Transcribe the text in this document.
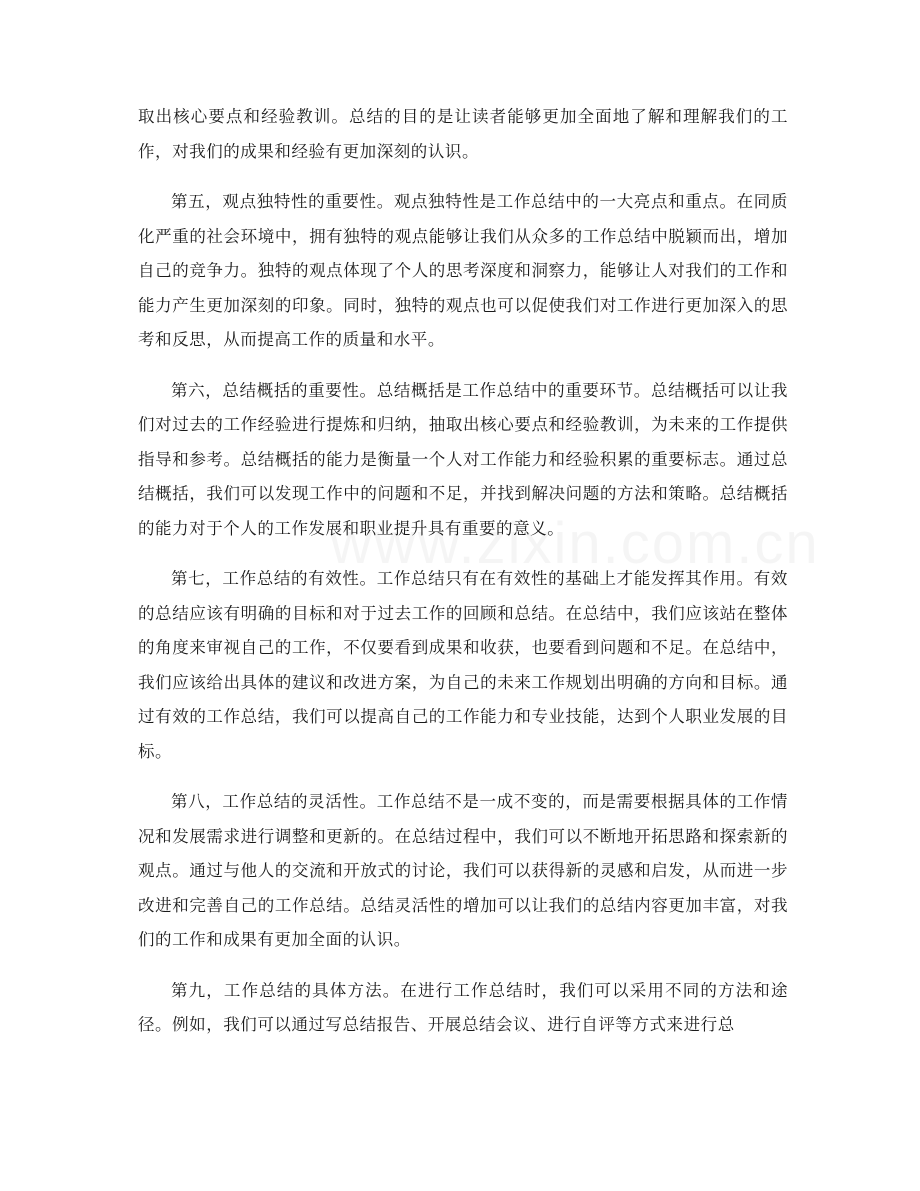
取出核心要点和经验教训。总结的目的是让读者能够更加全面地了解和理解我们的工作，对我们的成果和经验有更加深刻的认识。

第五，观点独特性的重要性。观点独特性是工作总结中的一大亮点和重点。在同质化严重的社会环境中，拥有独特的观点能够让我们从众多的工作总结中脱颖而出，增加自己的竞争力。独特的观点体现了个人的思考深度和洞察力，能够让人对我们的工作和能力产生更加深刻的印象。同时，独特的观点也可以促使我们对工作进行更加深入的思考和反思，从而提高工作的质量和水平。

第六，总结概括的重要性。总结概括是工作总结中的重要环节。总结概括可以让我们对过去的工作经验进行提炼和归纳，抽取出核心要点和经验教训，为未来的工作提供指导和参考。总结概括的能力是衡量一个人对工作能力和经验积累的重要标志。通过总结概括，我们可以发现工作中的问题和不足，并找到解决问题的方法和策略。总结概括的能力对于个人的工作发展和职业提升具有重要的意义。

第七，工作总结的有效性。工作总结只有在有效性的基础上才能发挥其作用。有效的总结应该有明确的目标和对于过去工作的回顾和总结。在总结中，我们应该站在整体的角度来审视自己的工作，不仅要看到成果和收获，也要看到问题和不足。在总结中，我们应该给出具体的建议和改进方案，为自己的未来工作规划出明确的方向和目标。通过有效的工作总结，我们可以提高自己的工作能力和专业技能，达到个人职业发展的目标。

第八，工作总结的灵活性。工作总结不是一成不变的，而是需要根据具体的工作情况和发展需求进行调整和更新的。在总结过程中，我们可以不断地开拓思路和探索新的观点。通过与他人的交流和开放式的讨论，我们可以获得新的灵感和启发，从而进一步改进和完善自己的工作总结。总结灵活性的增加可以让我们的总结内容更加丰富，对我们的工作和成果有更加全面的认识。

第九，工作总结的具体方法。在进行工作总结时，我们可以采用不同的方法和途径。例如，我们可以通过写总结报告、开展总结会议、进行自评等方式来进行总
